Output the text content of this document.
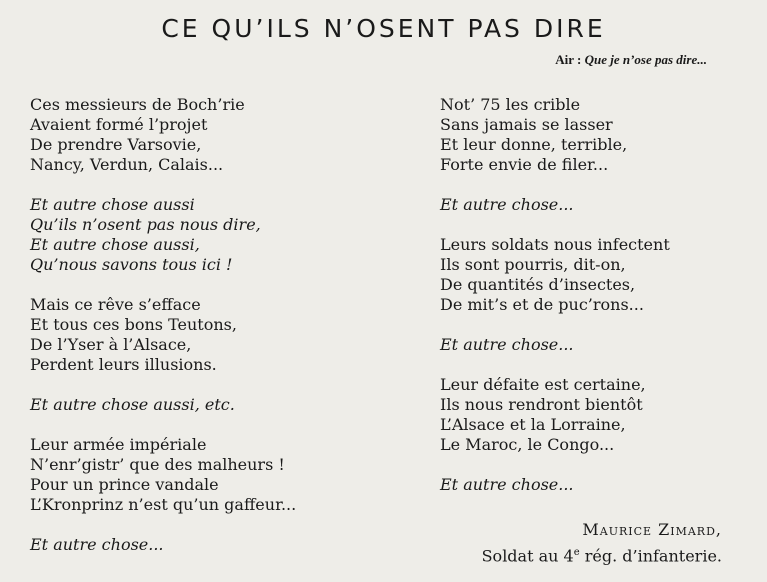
CE QU’ILS N’OSENT PAS DIRE
Air : Que je n’ose pas dire...
Ces messieurs de Boch’rie
Avaient formé l’projet
De prendre Varsovie,
Nancy, Verdun, Calais...
Et autre chose aussi
Qu’ils n’osent pas nous dire,
Et autre chose aussi,
Qu’nous savons tous ici !
Mais ce rêve s’efface
Et tous ces bons Teutons,
De l’Yser à l’Alsace,
Perdent leurs illusions.
Et autre chose aussi, etc.
Leur armée impériale
N’enr’gistr’ que des malheurs !
Pour un prince vandale
L’Kronprinz n’est qu’un gaffeur...
Et autre chose...
Not’ 75 les crible
Sans jamais se lasser
Et leur donne, terrible,
Forte envie de filer...
Et autre chose...
Leurs soldats nous infectent
Ils sont pourris, dit-on,
De quantités d’insectes,
De mit’s et de puc’rons...
Et autre chose...
Leur défaite est certaine,
Ils nous rendront bientôt
L’Alsace et la Lorraine,
Le Maroc, le Congo...
Et autre chose...
Maurice Zimard,
Soldat au 4e rég. d’infanterie.
